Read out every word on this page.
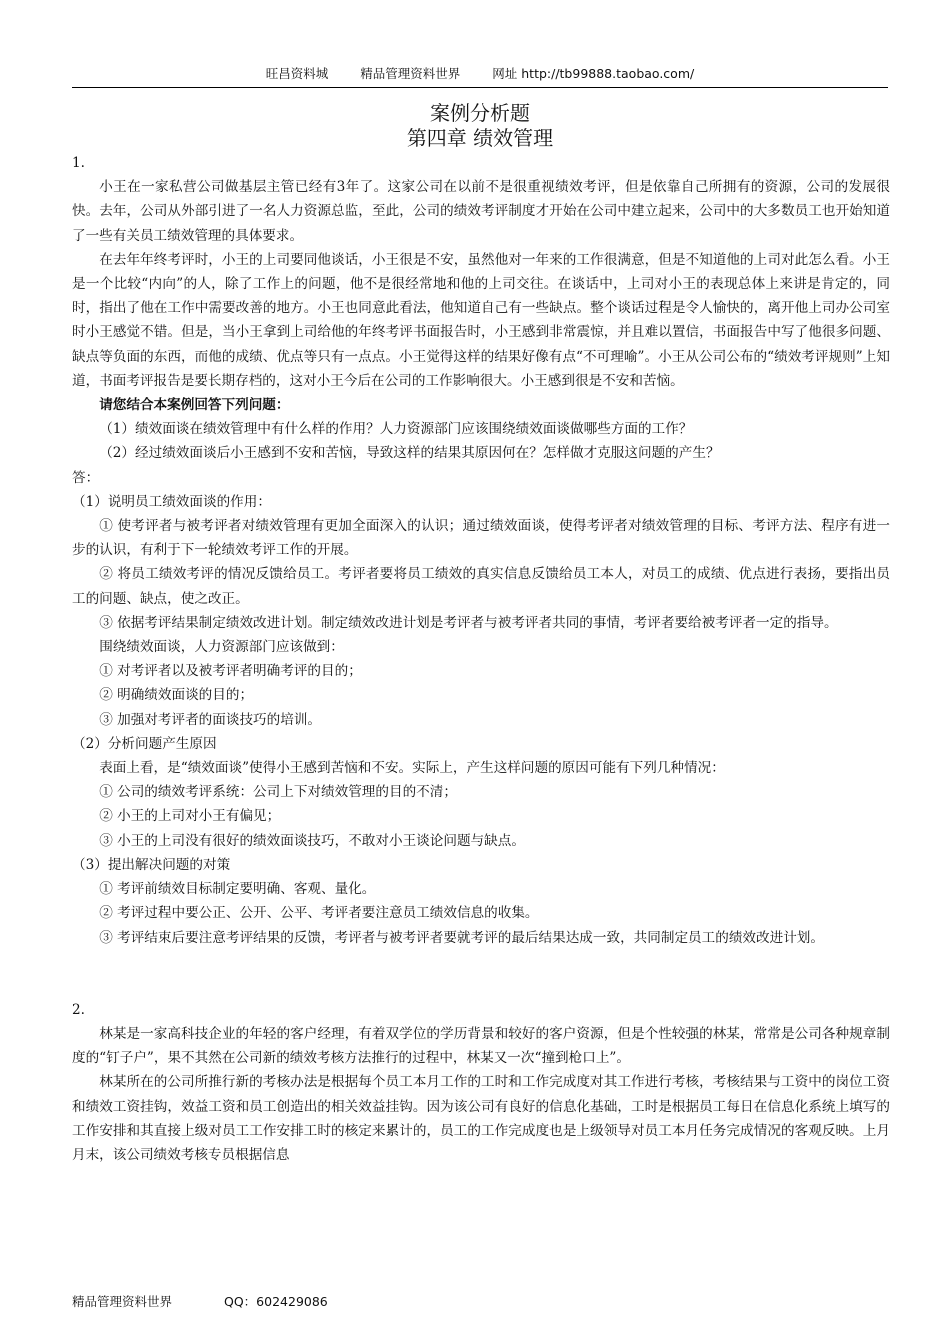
旺昌资料城	精品管理资料世界	网址 http://tb99888.taobao.com/
案例分析题
第四章 绩效管理

1.

小王在一家私营公司做基层主管已经有3年了。这家公司在以前不是很重视绩效考评，但是依靠自己所拥有的资源，公司的发展很快。去年，公司从外部引进了一名人力资源总监，至此，公司的绩效考评制度才开始在公司中建立起来，公司中的大多数员工也开始知道了一些有关员工绩效管理的具体要求。

在去年年终考评时，小王的上司要同他谈话，小王很是不安，虽然他对一年来的工作很满意，但是不知道他的上司对此怎么看。小王是一个比较“内向”的人，除了工作上的问题，他不是很经常地和他的上司交往。在谈话中，上司对小王的表现总体上来讲是肯定的，同时，指出了他在工作中需要改善的地方。小王也同意此看法，他知道自己有一些缺点。整个谈话过程是令人愉快的，离开他上司办公司室时小王感觉不错。但是，当小王拿到上司给他的年终考评书面报告时，小王感到非常震惊，并且难以置信，书面报告中写了他很多问题、缺点等负面的东西，而他的成绩、优点等只有一点点。小王觉得这样的结果好像有点“不可理喻”。小王从公司公布的“绩效考评规则”上知道，书面考评报告是要长期存档的，这对小王今后在公司的工作影响很大。小王感到很是不安和苦恼。

请您结合本案例回答下列问题：

（1）绩效面谈在绩效管理中有什么样的作用？人力资源部门应该围绕绩效面谈做哪些方面的工作？

（2）经过绩效面谈后小王感到不安和苦恼，导致这样的结果其原因何在？怎样做才克服这问题的产生？

答：

（1）说明员工绩效面谈的作用：

① 使考评者与被考评者对绩效管理有更加全面深入的认识；通过绩效面谈，使得考评者对绩效管理的目标、考评方法、程序有进一步的认识，有利于下一轮绩效考评工作的开展。

② 将员工绩效考评的情况反馈给员工。考评者要将员工绩效的真实信息反馈给员工本人，对员工的成绩、优点进行表扬，要指出员工的问题、缺点，使之改正。

③ 依据考评结果制定绩效改进计划。制定绩效改进计划是考评者与被考评者共同的事情，考评者要给被考评者一定的指导。

围绕绩效面谈，人力资源部门应该做到：

① 对考评者以及被考评者明确考评的目的；

② 明确绩效面谈的目的；

③ 加强对考评者的面谈技巧的培训。

（2）分析问题产生原因

表面上看，是“绩效面谈”使得小王感到苦恼和不安。实际上，产生这样问题的原因可能有下列几种情况：

① 公司的绩效考评系统：公司上下对绩效管理的目的不清；

② 小王的上司对小王有偏见；

③ 小王的上司没有很好的绩效面谈技巧，不敢对小王谈论问题与缺点。

（3）提出解决问题的对策

① 考评前绩效目标制定要明确、客观、量化。

② 考评过程中要公正、公开、公平、考评者要注意员工绩效信息的收集。

③ 考评结束后要注意考评结果的反馈，考评者与被考评者要就考评的最后结果达成一致，共同制定员工的绩效改进计划。

2.

林某是一家高科技企业的年轻的客户经理，有着双学位的学历背景和较好的客户资源，但是个性较强的林某，常常是公司各种规章制度的“钉子户”，果不其然在公司新的绩效考核方法推行的过程中，林某又一次“撞到枪口上”。

林某所在的公司所推行新的考核办法是根据每个员工本月工作的工时和工作完成度对其工作进行考核，考核结果与工资中的岗位工资和绩效工资挂钩，效益工资和员工创造出的相关效益挂钩。因为该公司有良好的信息化基础，工时是根据员工每日在信息化系统上填写的工作安排和其直接上级对员工工作安排工时的核定来累计的，员工的工作完成度也是上级领导对员工本月任务完成情况的客观反映。上月月末，该公司绩效考核专员根据信息

精品管理资料世界	QQ：602429086
